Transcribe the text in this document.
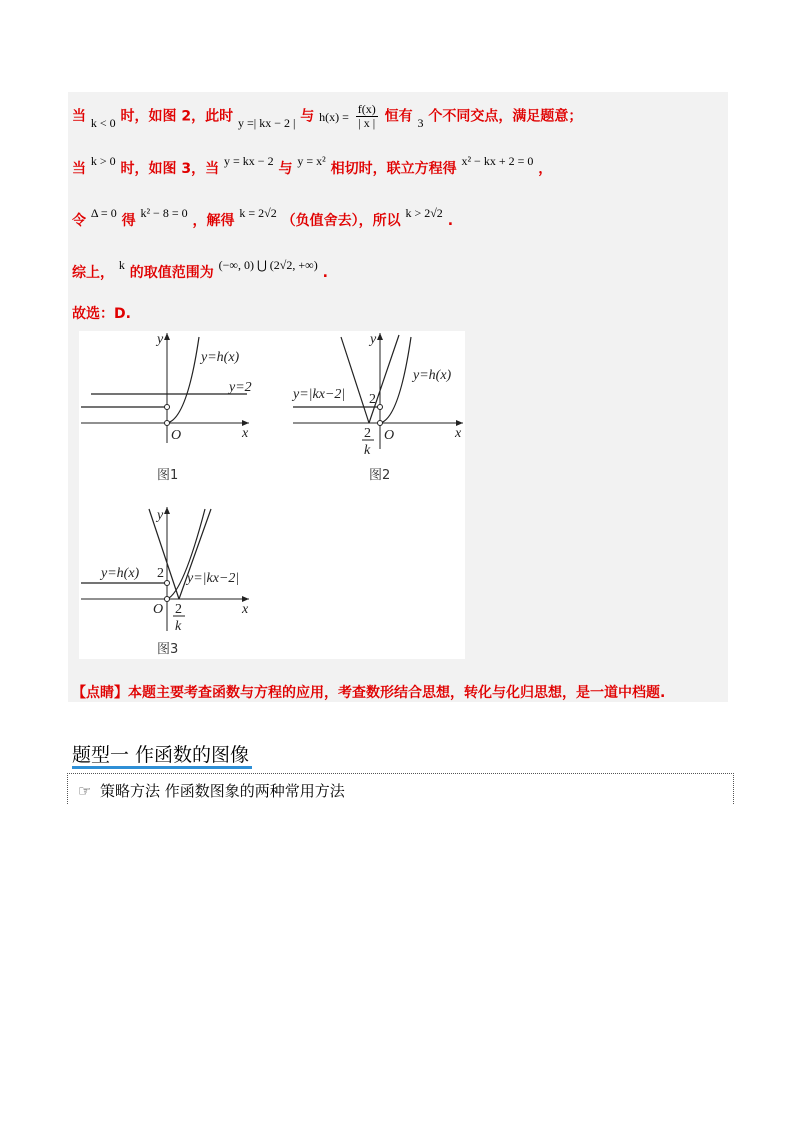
当 k < 0 时，如图 2，此时 y =| kx − 2 | 与 $h(x) = \frac{f(x)}{| x |}$ 恒有 3 个不同交点，满足题意；
当 k > 0 时，如图 3，当 y = kx − 2 与 y = x² 相切时，联立方程得 x² − kx + 2 = 0 ，
令 Δ = 0 得 k² − 8 = 0 ，解得 k = 2√2 （负值舍去），所以 k > 2√2 .
综上， k 的取值范围为 (−∞, 0) ⋃ (2√2, +∞) .
故选：D.
y=h(x)
y=2
x
y
O
图1
y=|kx−2|
y=h(x)
2
2
k
x
y
O
图2
y=h(x)	y=|kx−2|
2
2
k
x
y
O
图3
【点睛】本题主要考查函数与方程的应用，考查数形结合思想，转化与化归思想，是一道中档题.
题型一 作函数的图像
☞ 策略方法 作函数图象的两种常用方法
